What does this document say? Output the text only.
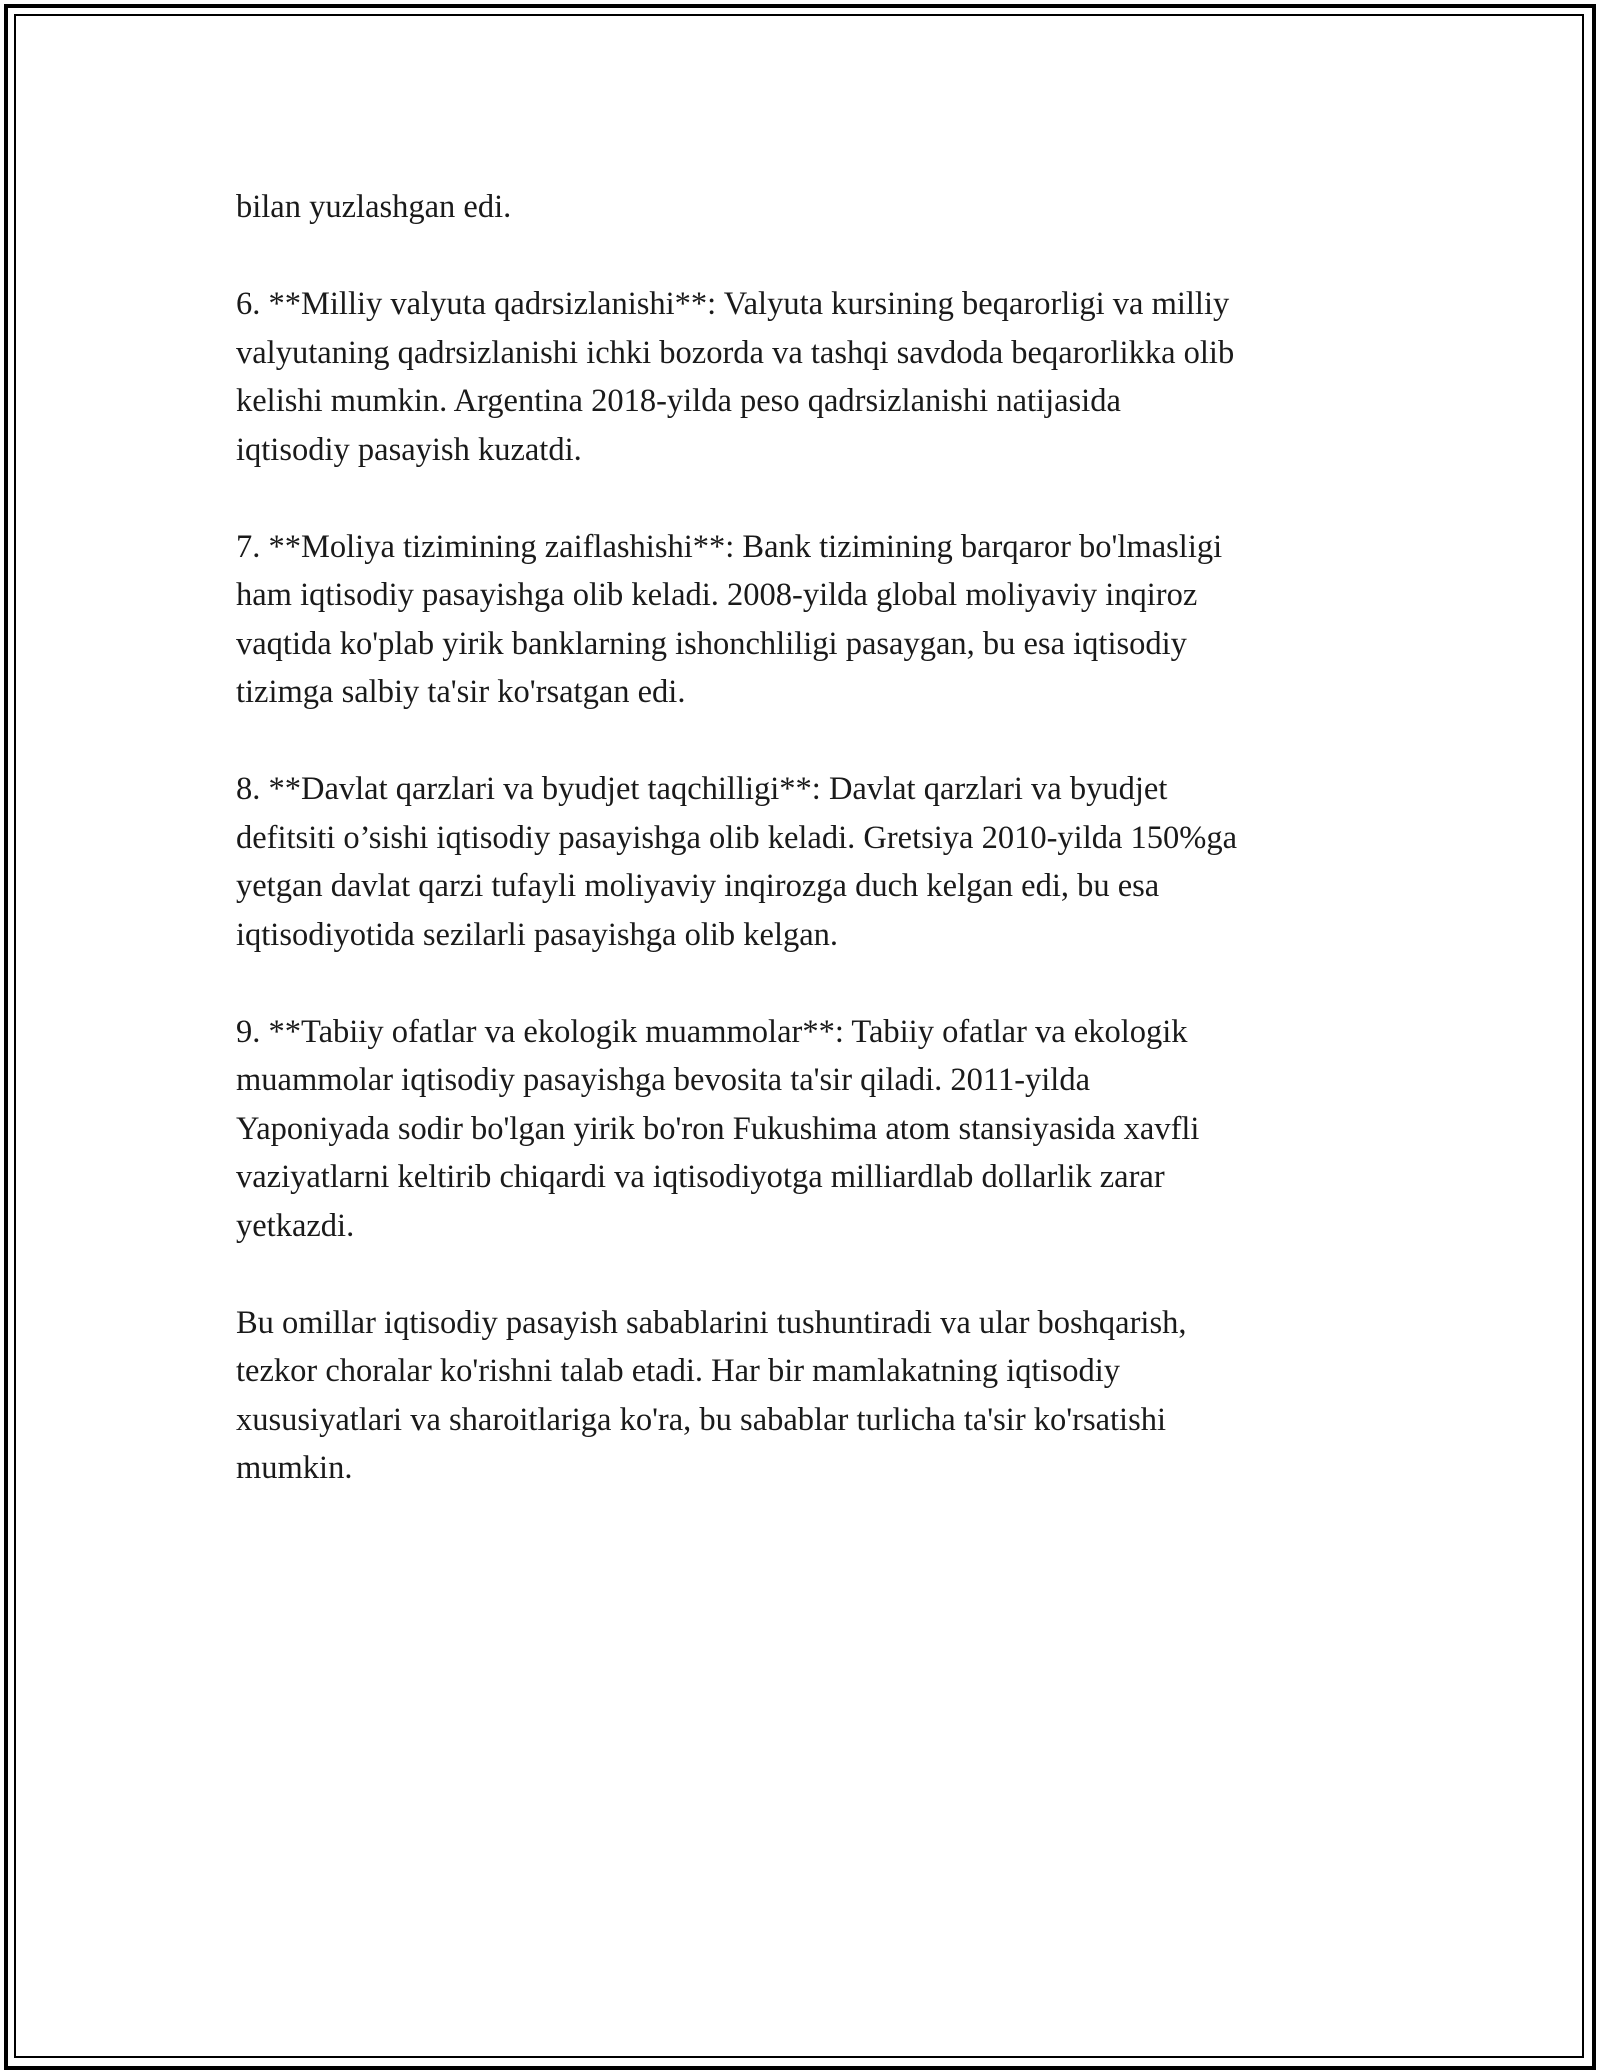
bilan yuzlashgan edi.

6. **Milliy valyuta qadrsizlanishi**: Valyuta kursining beqarorligi va milliy
valyutaning qadrsizlanishi ichki bozorda va tashqi savdoda beqarorlikka olib
kelishi mumkin. Argentina 2018-yilda peso qadrsizlanishi natijasida
iqtisodiy pasayish kuzatdi.

7. **Moliya tizimining zaiflashishi**: Bank tizimining barqaror bo'lmasligi
ham iqtisodiy pasayishga olib keladi. 2008-yilda global moliyaviy inqiroz
vaqtida ko'plab yirik banklarning ishonchliligi pasaygan, bu esa iqtisodiy
tizimga salbiy ta'sir ko'rsatgan edi.

8. **Davlat qarzlari va byudjet taqchilligi**: Davlat qarzlari va byudjet
defitsiti o’sishi iqtisodiy pasayishga olib keladi. Gretsiya 2010-yilda 150%ga
yetgan davlat qarzi tufayli moliyaviy inqirozga duch kelgan edi, bu esa
iqtisodiyotida sezilarli pasayishga olib kelgan.

9. **Tabiiy ofatlar va ekologik muammolar**: Tabiiy ofatlar va ekologik
muammolar iqtisodiy pasayishga bevosita ta'sir qiladi. 2011-yilda
Yaponiyada sodir bo'lgan yirik bo'ron Fukushima atom stansiyasida xavfli
vaziyatlarni keltirib chiqardi va iqtisodiyotga milliardlab dollarlik zarar
yetkazdi.

Bu omillar iqtisodiy pasayish sabablarini tushuntiradi va ular boshqarish,
tezkor choralar ko'rishni talab etadi. Har bir mamlakatning iqtisodiy
xususiyatlari va sharoitlariga ko'ra, bu sabablar turlicha ta'sir ko'rsatishi
mumkin.
